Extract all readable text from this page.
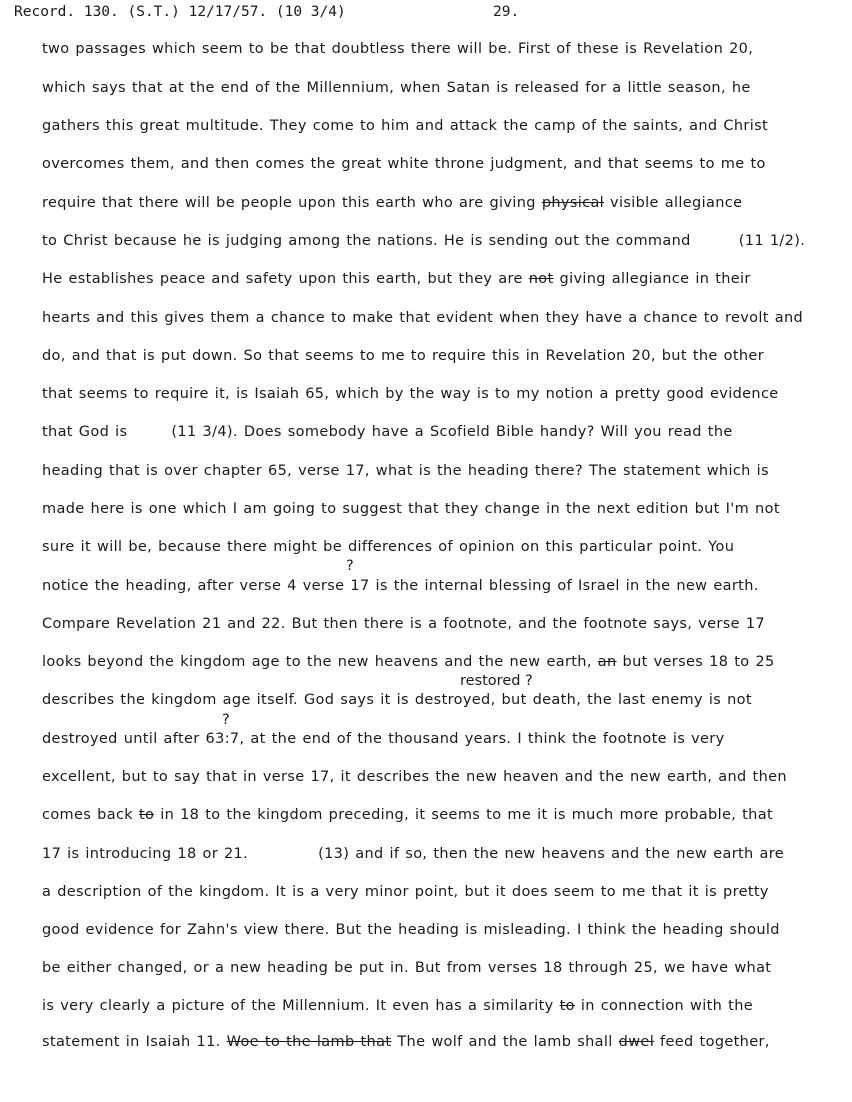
Record. 130. (S.T.) 12/17/57. (10 3/4)	29.
two passages which seem to be that doubtless there will be. First of these is Revelation 20,
which says that at the end of the Millennium, when Satan is released for a little season, he
gathers this great multitude. They come to him and attack the camp of the saints, and Christ
overcomes them, and then comes the great white throne judgment, and that seems to me to
require that there will be people upon this earth who are giving physical visible allegiance
to Christ because he is judging among the nations. He is sending out the command	(11 1/2).
He establishes peace and safety upon this earth, but they are not giving allegiance in their
hearts and this gives them a chance to make that evident when they have a chance to revolt and
do, and that is put down. So that seems to me to require this in Revelation 20, but the other
that seems to require it, is Isaiah 65, which by the way is to my notion a pretty good evidence
that God is	(11 3/4). Does somebody have a Scofield Bible handy? Will you read the
heading that is over chapter 65, verse 17, what is the heading there? The statement which is
made here is one which I am going to suggest that they change in the next edition but I'm not
sure it will be, because there might be differences of opinion on this particular point. You
?
notice the heading, after verse 4 verse 17 is the internal blessing of Israel in the new earth.
Compare Revelation 21 and 22. But then there is a footnote, and the footnote says, verse 17
looks beyond the kingdom age to the new heavens and the new earth, an but verses 18 to 25
restored ?
describes the kingdom age itself. God says it is destroyed, but death, the last enemy is not
?
destroyed until after 63:7, at the end of the thousand years. I think the footnote is very
excellent, but to say that in verse 17, it describes the new heaven and the new earth, and then
comes back to in 18 to the kingdom preceding, it seems to me it is much more probable, that
17 is introducing 18 or 21.	(13) and if so, then the new heavens and the new earth are
a description of the kingdom. It is a very minor point, but it does seem to me that it is pretty
good evidence for Zahn's view there. But the heading is misleading. I think the heading should
be either changed, or a new heading be put in. But from verses 18 through 25, we have what
is very clearly a picture of the Millennium. It even has a similarity to in connection with the
statement in Isaiah 11. Woe to the lamb that The wolf and the lamb shall dwel feed together,
